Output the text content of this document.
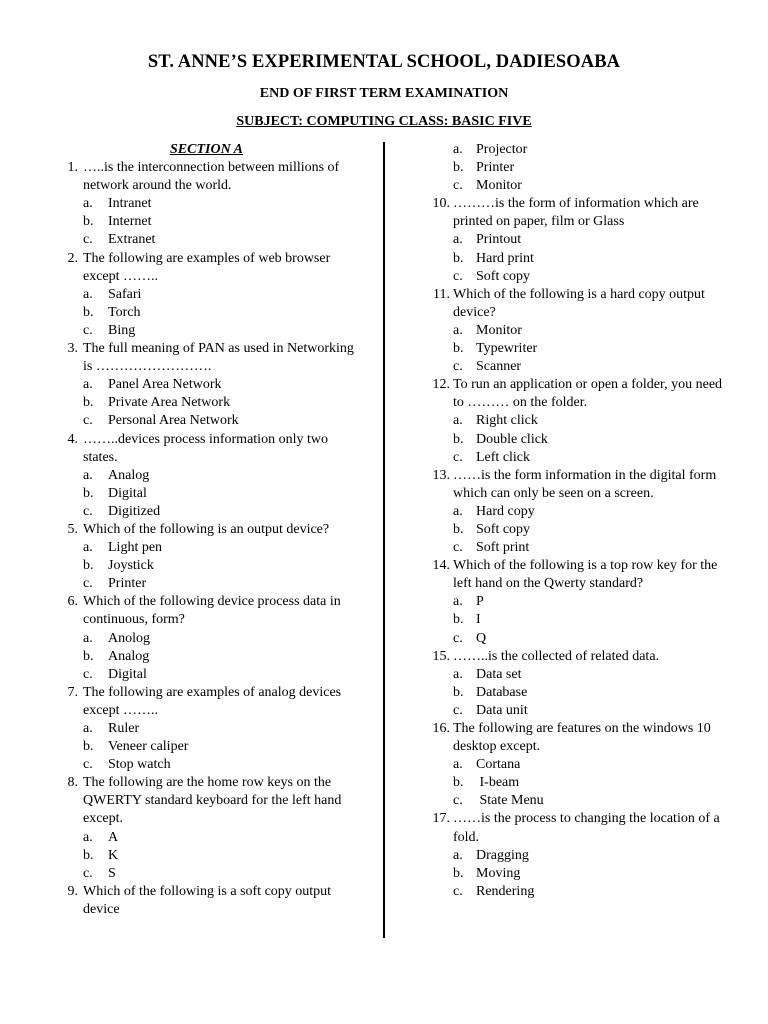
ST. ANNE’S EXPERIMENTAL SCHOOL, DADIESOABA
END OF FIRST TERM EXAMINATION
SUBJECT: COMPUTING CLASS: BASIC FIVE
SECTION A
1. …..is the interconnection between millions of network around the world.
a. Intranet
b. Internet
c. Extranet
2. The following are examples of web browser except ……..
a. Safari
b. Torch
c. Bing
3. The full meaning of PAN as used in Networking is …………………….
a. Panel Area Network
b. Private Area Network
c. Personal Area Network
4. ……..devices process information only two states.
a. Analog
b. Digital
c. Digitized
5. Which of the following is an output device?
a. Light pen
b. Joystick
c. Printer
6. Which of the following device process data in continuous, form?
a. Anolog
b. Analog
c. Digital
7. The following are examples of analog devices except ……..
a. Ruler
b. Veneer caliper
c. Stop watch
8. The following are the home row keys on the QWERTY standard keyboard for the left hand except.
a. A
b. K
c. S
9. Which of the following is a soft copy output device
a. Projector
b. Printer
c. Monitor
10. ………is the form of information which are printed on paper, film or Glass
a. Printout
b. Hard print
c. Soft copy
11. Which of the following is a hard copy output device?
a. Monitor
b. Typewriter
c. Scanner
12. To run an application or open a folder, you need to ……… on the folder.
a. Right click
b. Double click
c. Left click
13. ……is the form information in the digital form which can only be seen on a screen.
a. Hard copy
b. Soft copy
c. Soft print
14. Which of the following is a top row key for the left hand on the Qwerty standard?
a. P
b. I
c. Q
15. ……..is the collected of related data.
a. Data set
b. Database
c. Data unit
16. The following are features on the windows 10 desktop except.
a. Cortana
b. I-beam
c. State Menu
17. ……is the process to changing the location of a fold.
a. Dragging
b. Moving
c. Rendering
